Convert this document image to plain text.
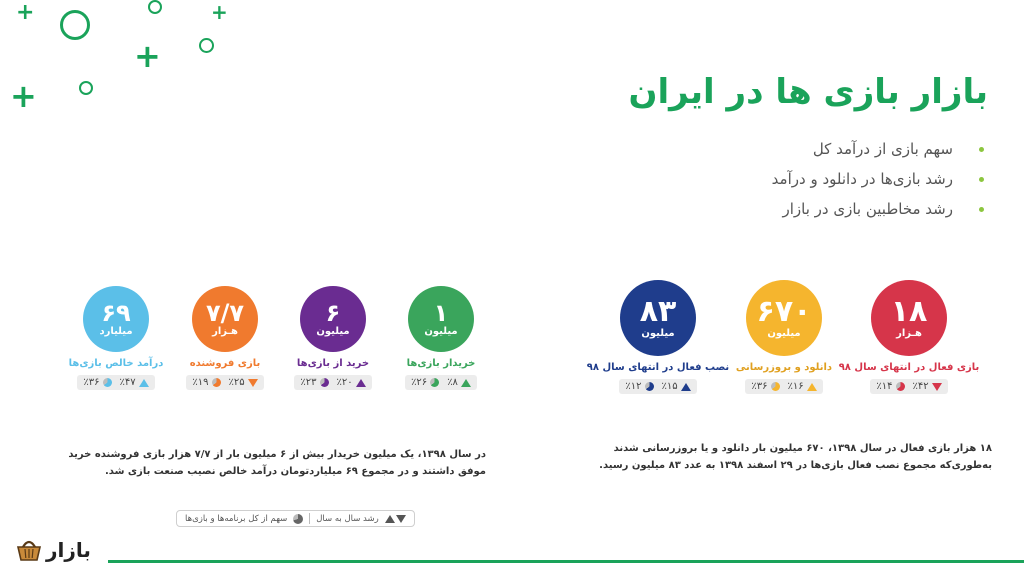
+	+
+
+	بازار بازی ها در ایران
سهم بازی از درآمد کل
رشد بازی‌ها در دانلود و درآمد
رشد مخاطبین بازی در بازار
۶۹
میلیارد
درآمد خالص بازی‌ها
٪۴۷
٪۳۶
۷/۷
هـزار
بازی فروشنده
٪۲۵
٪۱۹
۶
میلیون
خرید از بازی‌ها
٪۲۰
٪۲۳
۱
میلیون
خریدار بازی‌ها
٪۸
٪۲۶
۸۳
میلیون
نصب فعال در انتهای سال ۹۸
٪۱۵
٪۱۲
۶۷۰
میلیون
دانلود و بروزرسانی
٪۱۶
٪۳۶
۱۸
هـزار
بازی فعال در انتهای سال ۹۸
٪۴۲
٪۱۴

در سال ۱۳۹۸، یک میلیون خریدار بیش از ۶ میلیون بار از ۷/۷ هزار بازی فروشنده خرید موفق داشتند و در مجموع ۶۹ میلیاردتومان درآمد خالص نصیب صنعت بازی شد.

۱۸ هزار بازی فعال در سال ۱۳۹۸، ۶۷۰ میلیون بار دانلود و یا بروزرسانی شدند به‌طوری‌که مجموع نصب فعال بازی‌ها در ۲۹ اسفند ۱۳۹۸ به عدد ۸۳ میلیون رسید.

رشد سال به سال
سهم از کل برنامه‌ها و بازی‌ها
بازار
